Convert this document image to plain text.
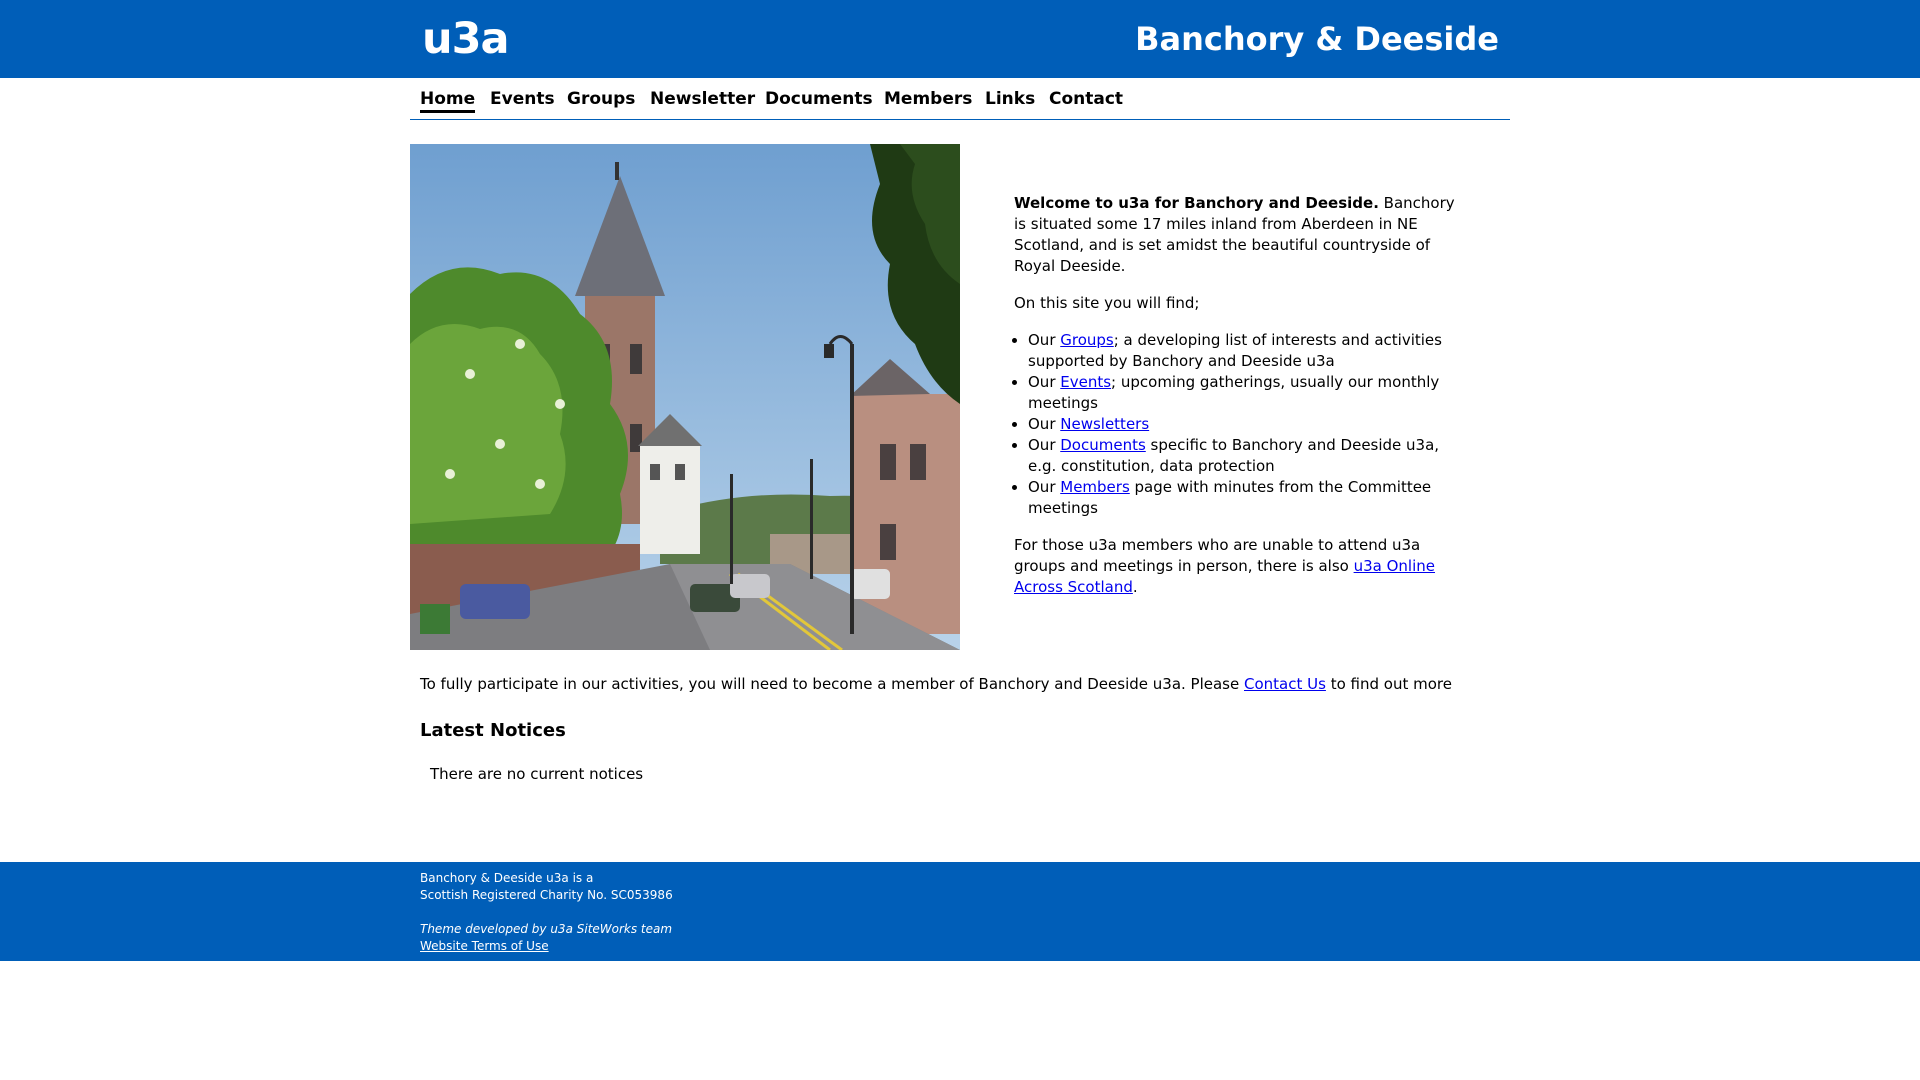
u3a	Banchory & Deeside
Home Events Groups Newsletter Documents Members Links Contact

Welcome to u3a for Banchory and Deeside. Banchory is situated some 17 miles inland from Aberdeen in NE Scotland, and is set amidst the beautiful countryside of Royal Deeside.

On this site you will find;

• Our Groups; a developing list of interests and activities supported by Banchory and Deeside u3a
• Our Events; upcoming gatherings, usually our monthly meetings
• Our Newsletters
• Our Documents specific to Banchory and Deeside u3a, e.g. constitution, data protection
• Our Members page with minutes from the Committee meetings

For those u3a members who are unable to attend u3a groups and meetings in person, there is also u3a Online Across Scotland.

To fully participate in our activities, you will need to become a member of Banchory and Deeside u3a. Please Contact Us to find out more
Latest Notices
There are no current notices
Banchory & Deeside u3a is a
Scottish Registered Charity No. SC053986
Theme developed by u3a SiteWorks team
Website Terms of Use
